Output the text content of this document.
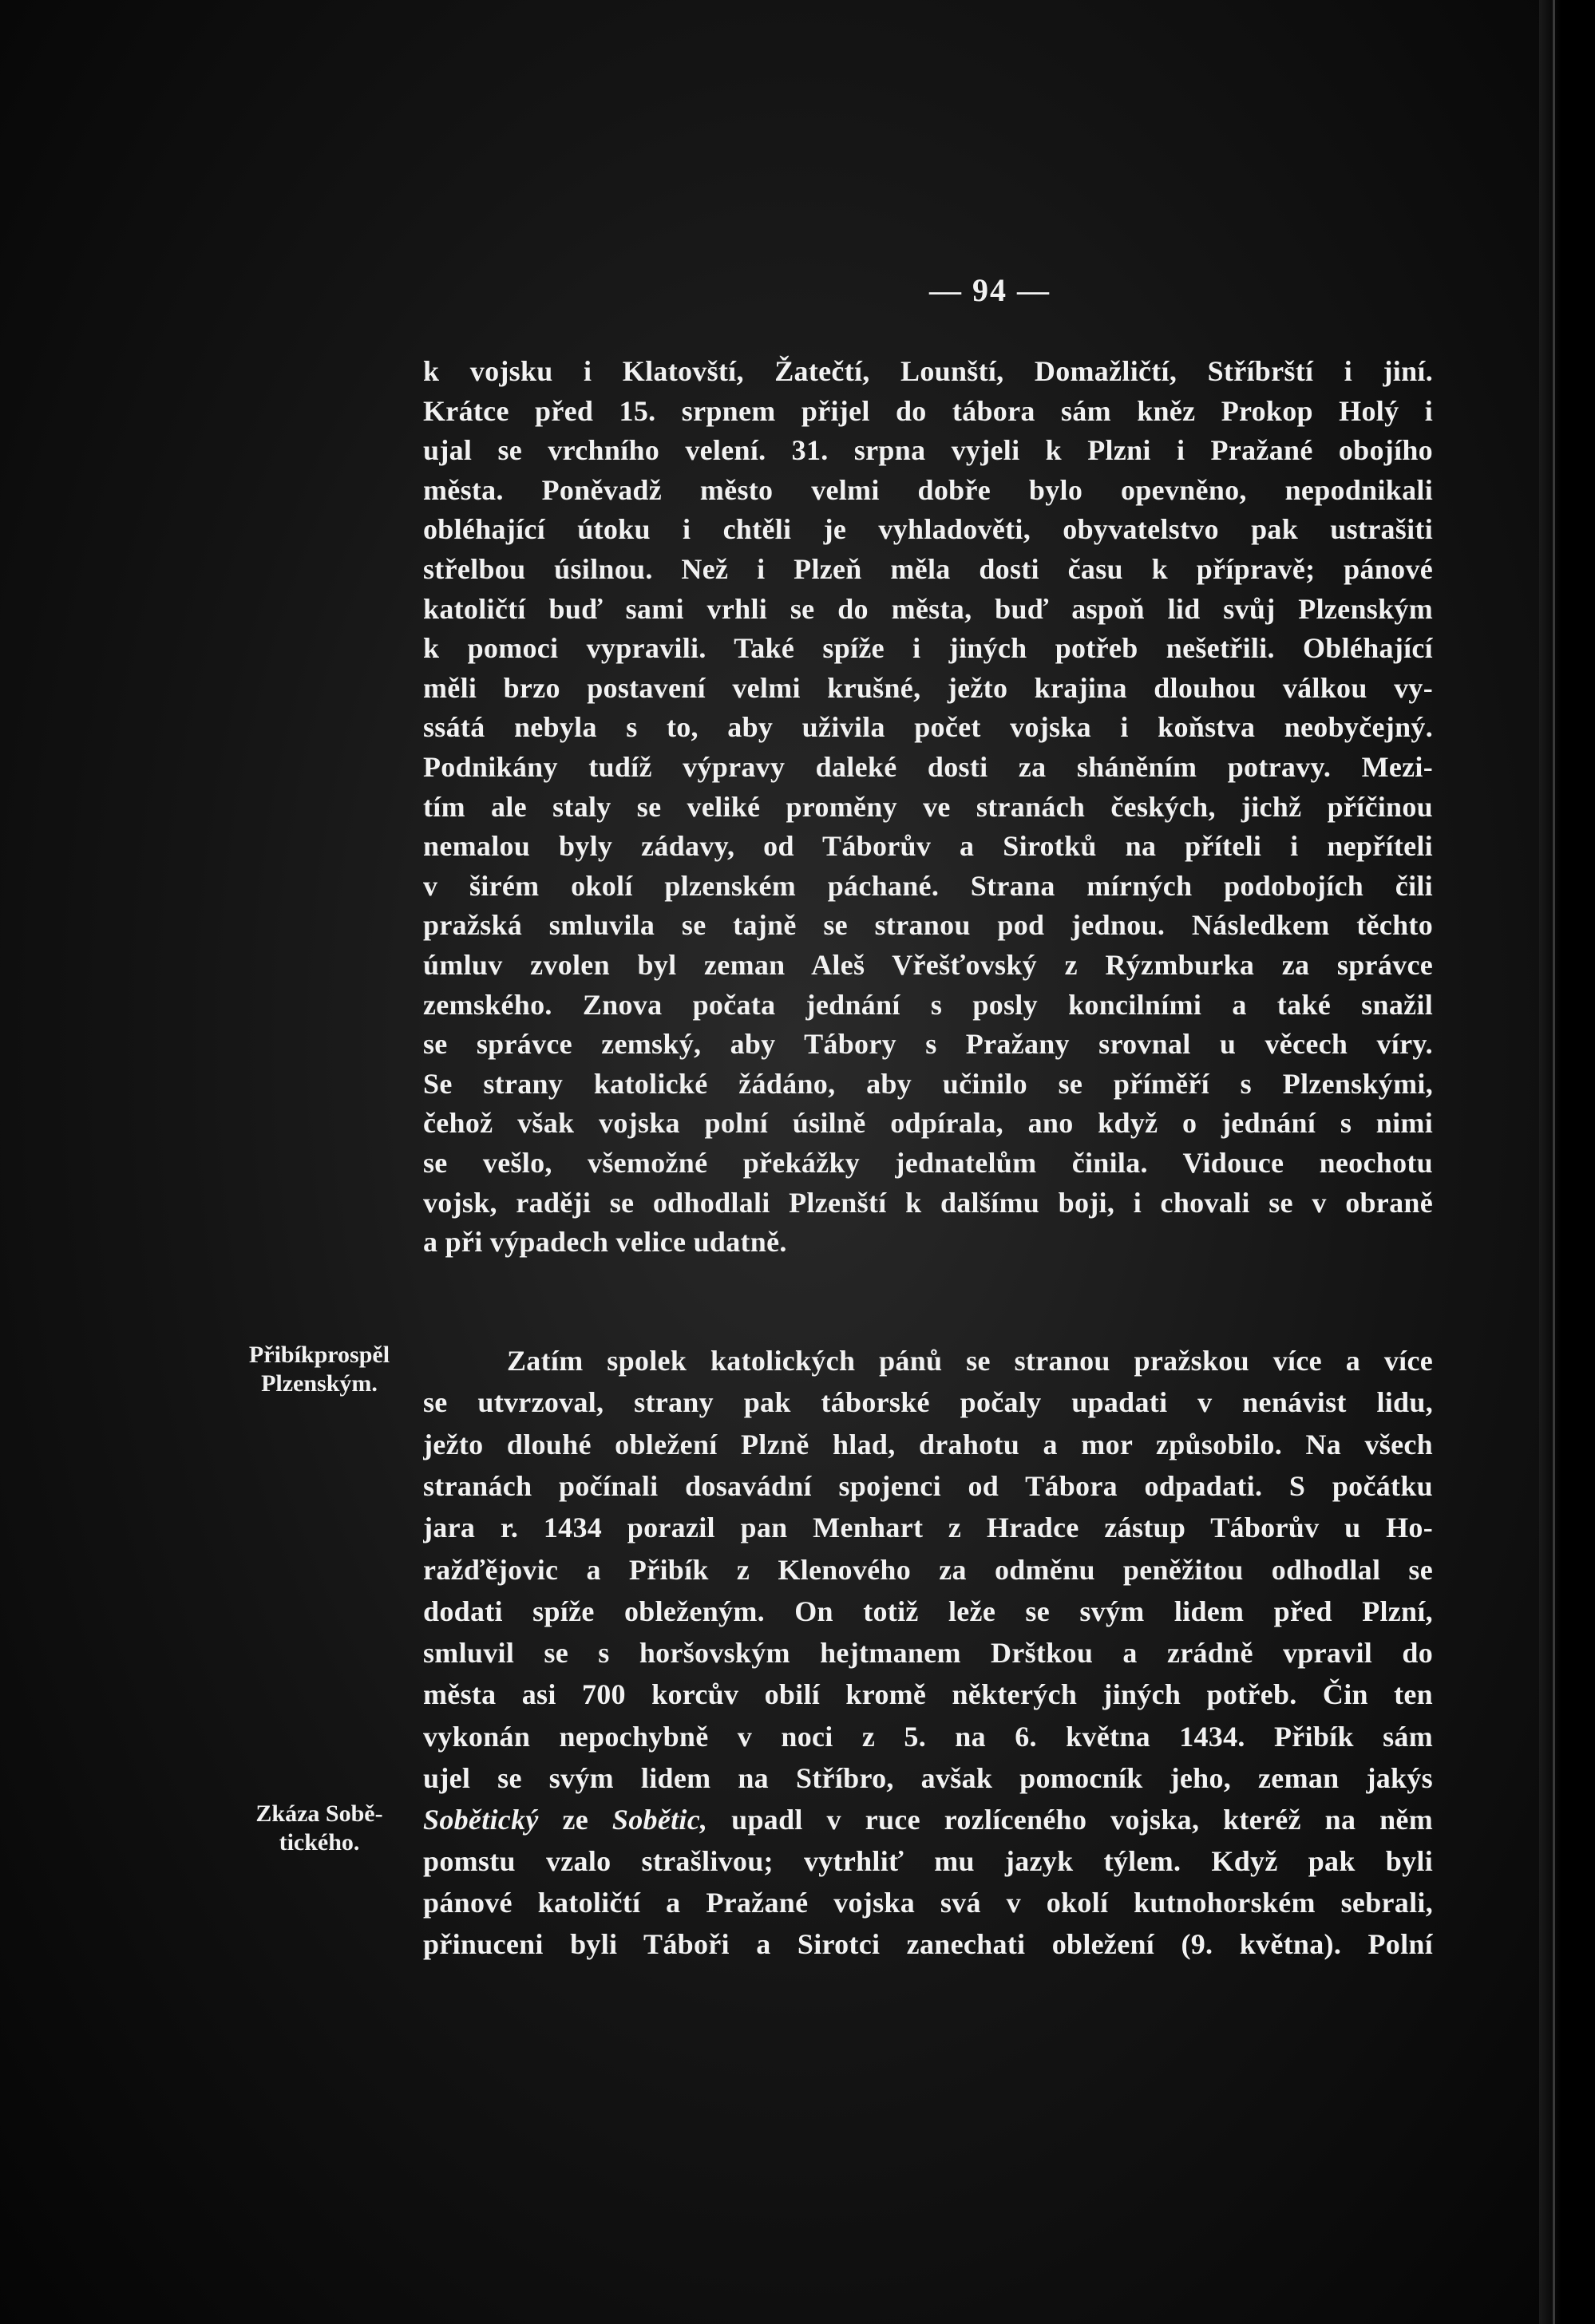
— 94 —
k vojsku i Klatovští, Žatečtí, Lounští, Domažličtí, Stříbrští i jiní.
Krátce před 15. srpnem přijel do tábora sám kněz Prokop Holý i
ujal se vrchního velení. 31. srpna vyjeli k Plzni i Pražané obojího
města. Poněvadž město velmi dobře bylo opevněno, nepodnikali
obléhající útoku i chtěli je vyhladověti, obyvatelstvo pak ustrašiti
střelbou úsilnou. Než i Plzeň měla dosti času k přípravě; pánové
katoličtí buď sami vrhli se do města, buď aspoň lid svůj Plzenským
k pomoci vypravili. Také spíže i jiných potřeb nešetřili. Obléhající
měli brzo postavení velmi krušné, ježto krajina dlouhou válkou vy-
ssátá nebyla s to, aby uživila počet vojska i koňstva neobyčejný.
Podnikány tudíž výpravy daleké dosti za sháněním potravy. Mezi-
tím ale staly se veliké proměny ve stranách českých, jichž příčinou
nemalou byly zádavy, od Táborův a Sirotků na příteli i nepříteli
v širém okolí plzenském páchané. Strana mírných podobojích čili
pražská smluvila se tajně se stranou pod jednou. Následkem těchto
úmluv zvolen byl zeman Aleš Vřešťovský z Rýzmburka za správce
zemského. Znova počata jednání s posly koncilními a také snažil
se správce zemský, aby Tábory s Pražany srovnal u věcech víry.
Se strany katolické žádáno, aby učinilo se příměří s Plzenskými,
čehož však vojska polní úsilně odpírala, ano když o jednání s nimi
se vešlo, všemožné překážky jednatelům činila. Vidouce neochotu
vojsk, raději se odhodlali Plzenští k dalšímu boji, i chovali se v obraně
a při výpadech velice udatně.
Přibíkprospěl
Plzenským.
Zatím spolek katolických pánů se stranou pražskou více a více
se utvrzoval, strany pak táborské počaly upadati v nenávist lidu,
ježto dlouhé obležení Plzně hlad, drahotu a mor způsobilo. Na všech
stranách počínali dosavádní spojenci od Tábora odpadati. S počátku
jara r. 1434 porazil pan Menhart z Hradce zástup Táborův u Ho-
ražďějovic a Přibík z Klenového za odměnu peněžitou odhodlal se
dodati spíže obleženým. On totiž leže se svým lidem před Plzní,
smluvil se s horšovským hejtmanem Drštkou a zrádně vpravil do
města asi 700 korcův obilí kromě některých jiných potřeb. Čin ten
vykonán nepochybně v noci z 5. na 6. května 1434. Přibík sám
ujel se svým lidem na Stříbro, avšak pomocník jeho, zeman jakýs
Sobětický ze Sobětic, upadl v ruce rozlíceného vojska, kteréž na něm
Zkáza Sobě-
tického.
pomstu vzalo strašlivou; vytrhliť mu jazyk týlem. Když pak byli
pánové katoličtí a Pražané vojska svá v okolí kutnohorském sebrali,
přinuceni byli Táboři a Sirotci zanechati obležení (9. května). Polní
